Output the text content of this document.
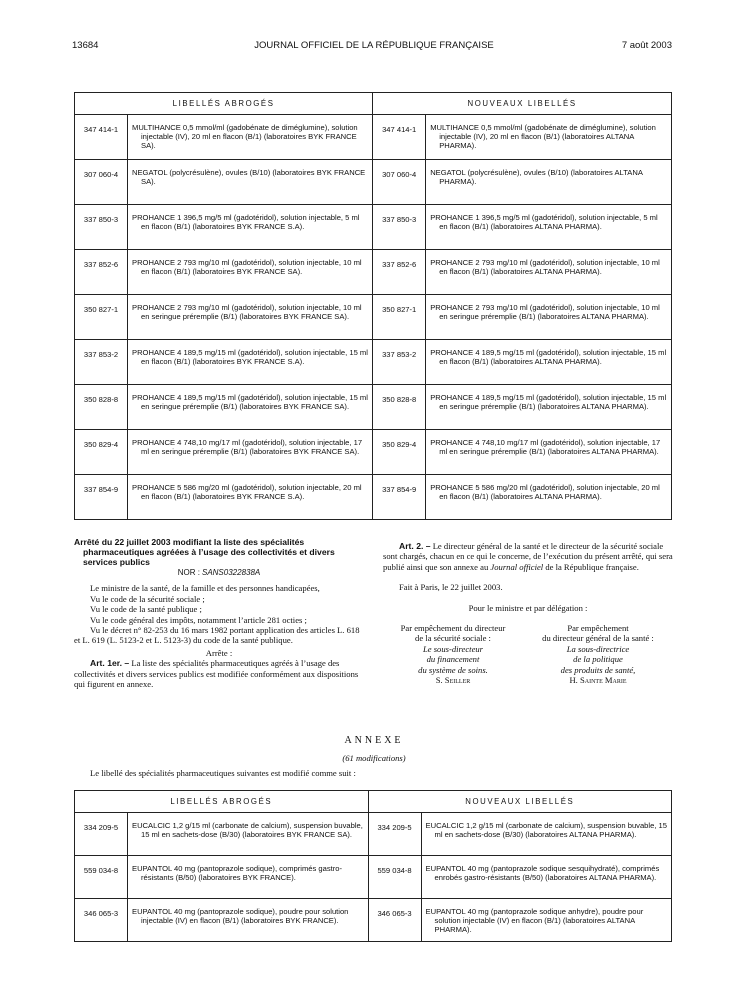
13684	JOURNAL OFFICIEL DE LA RÉPUBLIQUE FRANÇAISE	7 août 2003
LIBELLÉS ABROGÉS		NOUVEAUX LIBELLÉS	
347 414-1	MULTIHANCE 0,5 mmol/ml (gadobénate de diméglumine), solution injectable (IV), 20 ml en flacon (B/1) (laboratoires BYK FRANCE SA).	347 414-1	MULTIHANCE 0,5 mmol/ml (gadobénate de diméglumine), solution injectable (IV), 20 ml en flacon (B/1) (laboratoires ALTANA PHARMA).

307 060-4	NEGATOL (polycrésulène), ovules (B/10) (laboratoires BYK FRANCE SA).	307 060-4	NEGATOL (polycrésulène), ovules (B/10) (laboratoires ALTANA PHARMA).

337 850-3	PROHANCE 1 396,5 mg/5 ml (gadotéridol), solution injectable, 5 ml en flacon (B/1) (laboratoires BYK FRANCE S.A).	337 850-3	PROHANCE 1 396,5 mg/5 ml (gadotéridol), solution injectable, 5 ml en flacon (B/1) (laboratoires ALTANA PHARMA).

337 852-6	PROHANCE 2 793 mg/10 ml (gadotéridol), solution injectable, 10 ml en flacon (B/1) (laboratoires BYK FRANCE SA).	337 852-6	PROHANCE 2 793 mg/10 ml (gadotéridol), solution injectable, 10 ml en flacon (B/1) (laboratoires ALTANA PHARMA).

350 827-1	PROHANCE 2 793 mg/10 ml (gadotéridol), solution injectable, 10 ml en seringue préremplie (B/1) (laboratoires BYK FRANCE SA).	350 827-1	PROHANCE 2 793 mg/10 ml (gadotéridol), solution injectable, 10 ml en seringue préremplie (B/1) (laboratoires ALTANA PHARMA).

337 853-2	PROHANCE 4 189,5 mg/15 ml (gadotéridol), solution injectable, 15 ml en flacon (B/1) (laboratoires BYK FRANCE S.A).	337 853-2	PROHANCE 4 189,5 mg/15 ml (gadotéridol), solution injectable, 15 ml en flacon (B/1) (laboratoires ALTANA PHARMA).

350 828-8	PROHANCE 4 189,5 mg/15 ml (gadotéridol), solution injectable, 15 ml en seringue préremplie (B/1) (laboratoires BYK FRANCE SA).	350 828-8	PROHANCE 4 189,5 mg/15 ml (gadotéridol), solution injectable, 15 ml en seringue préremplie (B/1) (laboratoires ALTANA PHARMA).

350 829-4	PROHANCE 4 748,10 mg/17 ml (gadotéridol), solution injectable, 17 ml en seringue préremplie (B/1) (laboratoires BYK FRANCE SA).	350 829-4	PROHANCE 4 748,10 mg/17 ml (gadotéridol), solution injectable, 17 ml en seringue préremplie (B/1) (laboratoires ALTANA PHARMA).

337 854-9	PROHANCE 5 586 mg/20 ml (gadotéridol), solution injectable, 20 ml en flacon (B/1) (laboratoires BYK FRANCE S.A).	337 854-9	PROHANCE 5 586 mg/20 ml (gadotéridol), solution injectable, 20 ml en flacon (B/1) (laboratoires ALTANA PHARMA).

Arrêté du 22 juillet 2003 modifiant la liste des spécialités pharmaceutiques agréées à l’usage des collectivités et divers services publics

NOR : SANS0322838A

Le ministre de la santé, de la famille et des personnes handicapées,

Vu le code de la sécurité sociale ;

Vu le code de la santé publique ;

Vu le code général des impôts, notamment l’article 281 octies ;

Vu le décret n° 82-253 du 16 mars 1982 portant application des articles L. 618 et L. 619 (L. 5123-2 et L. 5123-3) du code de la santé publique.

Arrête :

Art. 1er. – La liste des spécialités pharmaceutiques agréés à l’usage des collectivités et divers services publics est modifiée conformément aux dispositions qui figurent en annexe.

Art. 2. – Le directeur général de la santé et le directeur de la sécurité sociale sont chargés, chacun en ce qui le concerne, de l’exécution du présent arrêté, qui sera publié ainsi que son annexe au Journal officiel de la République française.

Fait à Paris, le 22 juillet 2003.

Pour le ministre et par délégation :

Par empêchement du directeur

de la sécurité sociale :

Le sous-directeur

du financement

du système de soins.

S. Seiller

Par empêchement

du directeur général de la santé :

La sous-directrice

de la politique

des produits de santé,

H. Sainte Marie

ANNEXE
(61 modifications)
Le libellé des spécialités pharmaceutiques suivantes est modifié comme suit :
LIBELLÉS ABROGÉS		NOUVEAUX LIBELLÉS	
334 209-5	EUCALCIC 1,2 g/15 ml (carbonate de calcium), suspension buvable, 15 ml en sachets-dose (B/30) (laboratoires BYK FRANCE SA).	334 209-5	EUCALCIC 1,2 g/15 ml (carbonate de calcium), suspension buvable, 15 ml en sachets-dose (B/30) (laboratoires ALTANA PHARMA).

559 034-8	EUPANTOL 40 mg (pantoprazole sodique), comprimés gastro-résistants (B/50) (laboratoires BYK FRANCE).	559 034-8	EUPANTOL 40 mg (pantoprazole sodique sesquihydraté), comprimés enrobés gastro-résistants (B/50) (laboratoires ALTANA PHARMA).

346 065-3	EUPANTOL 40 mg (pantoprazole sodique), poudre pour solution injectable (IV) en flacon (B/1) (laboratoires BYK FRANCE).	346 065-3	EUPANTOL 40 mg (pantoprazole sodique anhydre), poudre pour solution injectable (IV) en flacon (B/1) (laboratoires ALTANA PHARMA).
